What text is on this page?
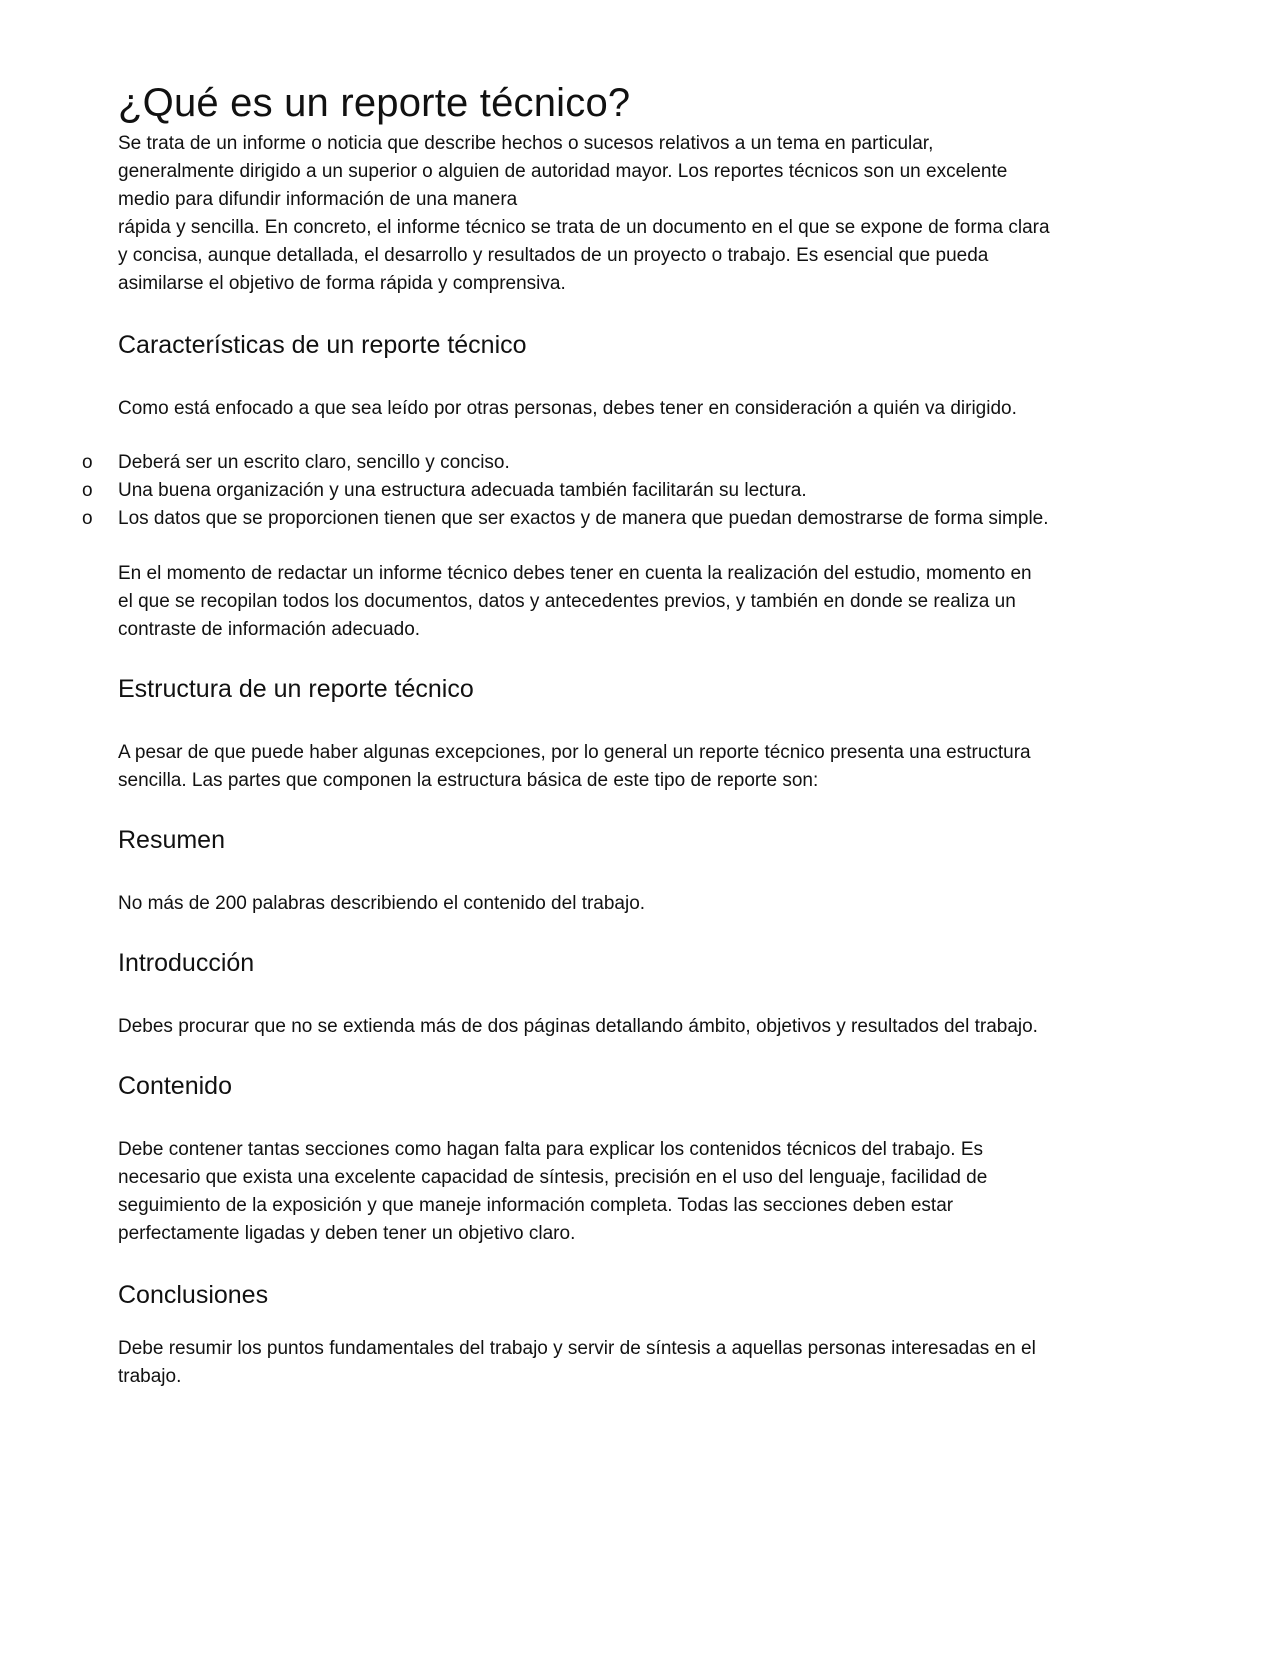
¿Qué es un reporte técnico?
Se trata de un informe o noticia que describe hechos o sucesos relativos a un tema en particular,
generalmente dirigido a un superior o alguien de autoridad mayor. Los reportes técnicos son un excelente
medio para difundir información de una manera
rápida y sencilla. En concreto, el informe técnico se trata de un documento en el que se expone de forma clara
y concisa, aunque detallada, el desarrollo y resultados de un proyecto o trabajo. Es esencial que pueda
asimilarse el objetivo de forma rápida y comprensiva.
Características de un reporte técnico
Como está enfocado a que sea leído por otras personas, debes tener en consideración a quién va dirigido.
o Deberá ser un escrito claro, sencillo y conciso.
o Una buena organización y una estructura adecuada también facilitarán su lectura.
o Los datos que se proporcionen tienen que ser exactos y de manera que puedan demostrarse de forma simple.
En el momento de redactar un informe técnico debes tener en cuenta la realización del estudio, momento en
el que se recopilan todos los documentos, datos y antecedentes previos, y también en donde se realiza un
contraste de información adecuado.
Estructura de un reporte técnico
A pesar de que puede haber algunas excepciones, por lo general un reporte técnico presenta una estructura
sencilla. Las partes que componen la estructura básica de este tipo de reporte son:
Resumen
No más de 200 palabras describiendo el contenido del trabajo.
Introducción
Debes procurar que no se extienda más de dos páginas detallando ámbito, objetivos y resultados del trabajo.
Contenido
Debe contener tantas secciones como hagan falta para explicar los contenidos técnicos del trabajo. Es
necesario que exista una excelente capacidad de síntesis, precisión en el uso del lenguaje, facilidad de
seguimiento de la exposición y que maneje información completa. Todas las secciones deben estar
perfectamente ligadas y deben tener un objetivo claro.
Conclusiones
Debe resumir los puntos fundamentales del trabajo y servir de síntesis a aquellas personas interesadas en el
trabajo.
